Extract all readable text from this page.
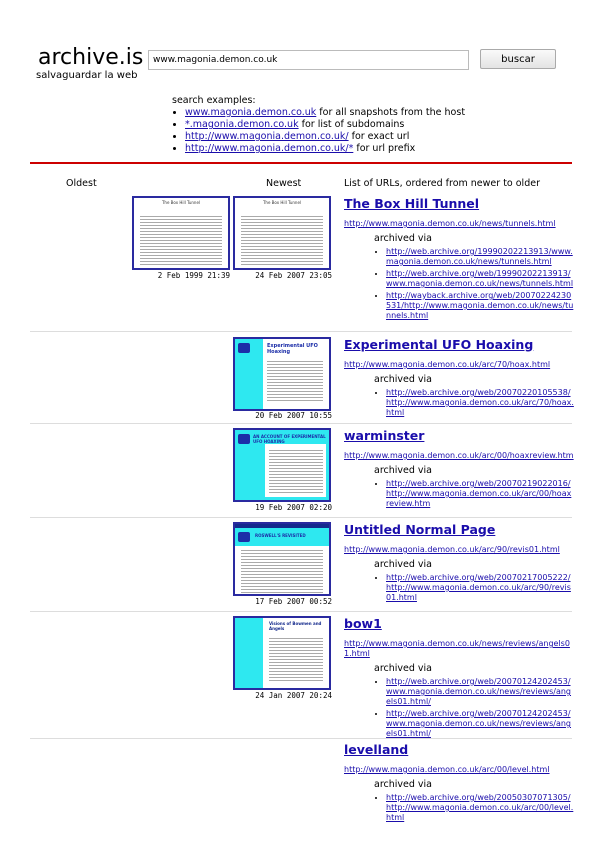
archive.is
salvaguardar la web
www.magonia.demon.co.uk
buscar
search examples:
• www.magonia.demon.co.uk for all snapshots from the host
• *.magonia.demon.co.uk for list of subdomains
• http://www.magonia.demon.co.uk/ for exact url
• http://www.magonia.demon.co.uk/* for url prefix
Oldest	Newest	List of URLs, ordered from newer to older
The Box Hill Tunnel
2 Feb 1999 21:39
The Box Hill Tunnel
24 Feb 2007 23:05
The Box Hill Tunnel
http://www.magonia.demon.co.uk/news/tunnels.html
archived via
• http://web.archive.org/19990202213913/www.magonia.demon.co.uk/news/tunnels.html
• http://web.archive.org/web/19990202213913/www.magonia.demon.co.uk/news/tunnels.html
• http://wayback.archive.org/web/20070224230531/http://www.magonia.demon.co.uk/news/tunnels.html
Experimental UFO Hoaxing
20 Feb 2007 10:55
Experimental UFO Hoaxing
http://www.magonia.demon.co.uk/arc/70/hoax.html
archived via
• http://web.archive.org/web/20070220105538/http://www.magonia.demon.co.uk/arc/70/hoax.html
AN ACCOUNT OF EXPERIMENTAL UFO HOAXING
19 Feb 2007 02:20
warminster
http://www.magonia.demon.co.uk/arc/00/hoaxreview.htm
archived via
• http://web.archive.org/web/20070219022016/http://www.magonia.demon.co.uk/arc/00/hoaxreview.htm
ROSWELL'S REVISITED
17 Feb 2007 00:52
Untitled Normal Page
http://www.magonia.demon.co.uk/arc/90/revis01.html
archived via
• http://web.archive.org/web/20070217005222/http://www.magonia.demon.co.uk/arc/90/revis01.html
Visions of Bowmen and Angels
24 Jan 2007 20:24
bow1
http://www.magonia.demon.co.uk/news/reviews/angels01.html
archived via
• http://web.archive.org/web/20070124202453/www.magonia.demon.co.uk/news/reviews/angels01.html/
• http://web.archive.org/web/20070124202453/www.magonia.demon.co.uk/news/reviews/angels01.html/
levelland
http://www.magonia.demon.co.uk/arc/00/level.html
archived via
• http://web.archive.org/web/20050307071305/http://www.magonia.demon.co.uk/arc/00/level.html
